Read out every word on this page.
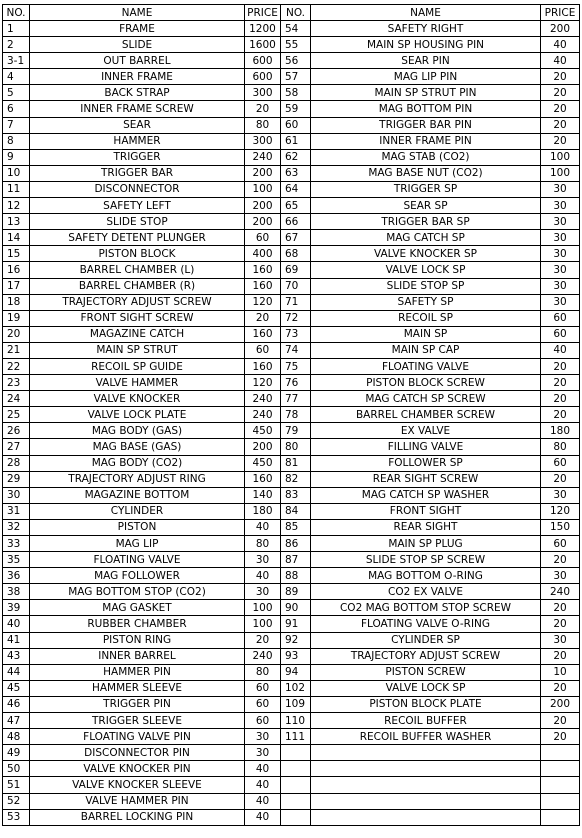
NO.	NAME	PRICE	NO.	NAME	PRICE
1	FRAME	1200	54	SAFETY RIGHT	200
2	SLIDE	1600	55	MAIN SP HOUSING PIN	40
3-1	OUT BARREL	600	56	SEAR PIN	40
4	INNER FRAME	600	57	MAG LIP PIN	20
5	BACK STRAP	300	58	MAIN SP STRUT PIN	20
6	INNER FRAME SCREW	20	59	MAG BOTTOM PIN	20
7	SEAR	80	60	TRIGGER BAR PIN	20
8	HAMMER	300	61	INNER FRAME PIN	20
9	TRIGGER	240	62	MAG STAB (CO2)	100
10	TRIGGER BAR	200	63	MAG BASE NUT (CO2)	100
11	DISCONNECTOR	100	64	TRIGGER SP	30
12	SAFETY LEFT	200	65	SEAR SP	30
13	SLIDE STOP	200	66	TRIGGER BAR SP	30
14	SAFETY DETENT PLUNGER	60	67	MAG CATCH SP	30
15	PISTON BLOCK	400	68	VALVE KNOCKER SP	30
16	BARREL CHAMBER (L)	160	69	VALVE LOCK SP	30
17	BARREL CHAMBER (R)	160	70	SLIDE STOP SP	30
18	TRAJECTORY ADJUST SCREW	120	71	SAFETY SP	30
19	FRONT SIGHT SCREW	20	72	RECOIL SP	60
20	MAGAZINE CATCH	160	73	MAIN SP	60
21	MAIN SP STRUT	60	74	MAIN SP CAP	40
22	RECOIL SP GUIDE	160	75	FLOATING VALVE	20
23	VALVE HAMMER	120	76	PISTON BLOCK SCREW	20
24	VALVE KNOCKER	240	77	MAG CATCH SP SCREW	20
25	VALVE LOCK PLATE	240	78	BARREL CHAMBER SCREW	20
26	MAG BODY (GAS)	450	79	EX VALVE	180
27	MAG BASE (GAS)	200	80	FILLING VALVE	80
28	MAG BODY (CO2)	450	81	FOLLOWER SP	60
29	TRAJECTORY ADJUST RING	160	82	REAR SIGHT SCREW	20
30	MAGAZINE BOTTOM	140	83	MAG CATCH SP WASHER	30
31	CYLINDER	180	84	FRONT SIGHT	120
32	PISTON	40	85	REAR SIGHT	150
33	MAG LIP	80	86	MAIN SP PLUG	60
35	FLOATING VALVE	30	87	SLIDE STOP SP SCREW	20
36	MAG FOLLOWER	40	88	MAG BOTTOM O-RING	30
38	MAG BOTTOM STOP (CO2)	30	89	CO2 EX VALVE	240
39	MAG GASKET	100	90	CO2 MAG BOTTOM STOP SCREW	20
40	RUBBER CHAMBER	100	91	FLOATING VALVE O-RING	20
41	PISTON RING	20	92	CYLINDER SP	30
43	INNER BARREL	240	93	TRAJECTORY ADJUST SCREW	20
44	HAMMER PIN	80	94	PISTON SCREW	10
45	HAMMER SLEEVE	60	102	VALVE LOCK SP	20
46	TRIGGER PIN	60	109	PISTON BLOCK PLATE	200
47	TRIGGER SLEEVE	60	110	RECOIL BUFFER	20
48	FLOATING VALVE PIN	30	111	RECOIL BUFFER WASHER	20
49	DISCONNECTOR PIN	30			
50	VALVE KNOCKER PIN	40			
51	VALVE KNOCKER SLEEVE	40			
52	VALVE HAMMER PIN	40			
53	BARREL LOCKING PIN	40			
